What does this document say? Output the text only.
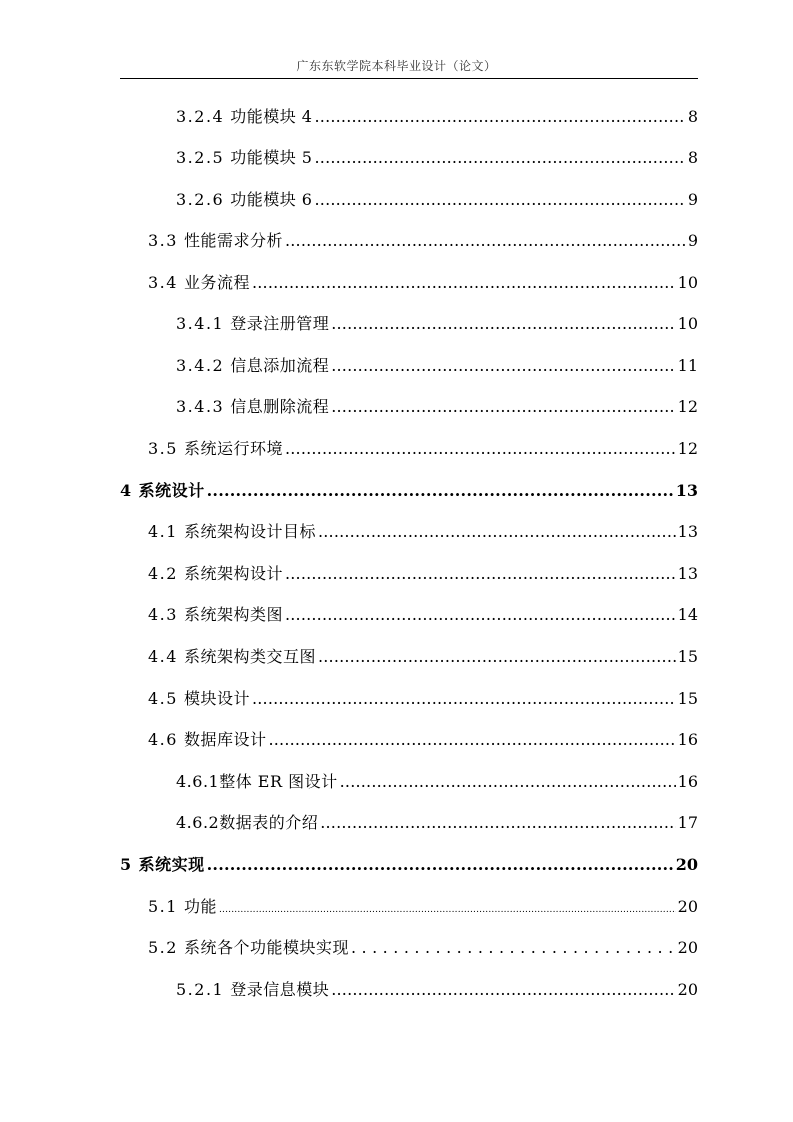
广东东软学院本科毕业设计（论文）
3.2.4 功能模块 4 .....	8
3.2.5 功能模块 5 .....	8
3.2.6 功能模块 6 .....	9
3.3 性能需求分析 .....	9
3.4 业务流程 .....	10
3.4.1 登录注册管理 .....	10
3.4.2 信息添加流程 .....	11
3.4.3 信息删除流程 .....	12
3.5 系统运行环境 .....	12
4 系统设计 .....	13
4.1 系统架构设计目标 .....	13
4.2 系统架构设计 .....	13
4.3 系统架构类图 .....	14
4.4 系统架构类交互图 .....	15
4.5 模块设计 .....	15
4.6 数据库设计 .....	16
4.6.1 整体 ER 图设计 .....	16
4.6.2 数据表的介绍 .....	17
5 系统实现 .....	20
5.1 功能 .....	20
5.2 系统各个功能模块实现 . . .	20
5.2.1 登录信息模块 .....	20
